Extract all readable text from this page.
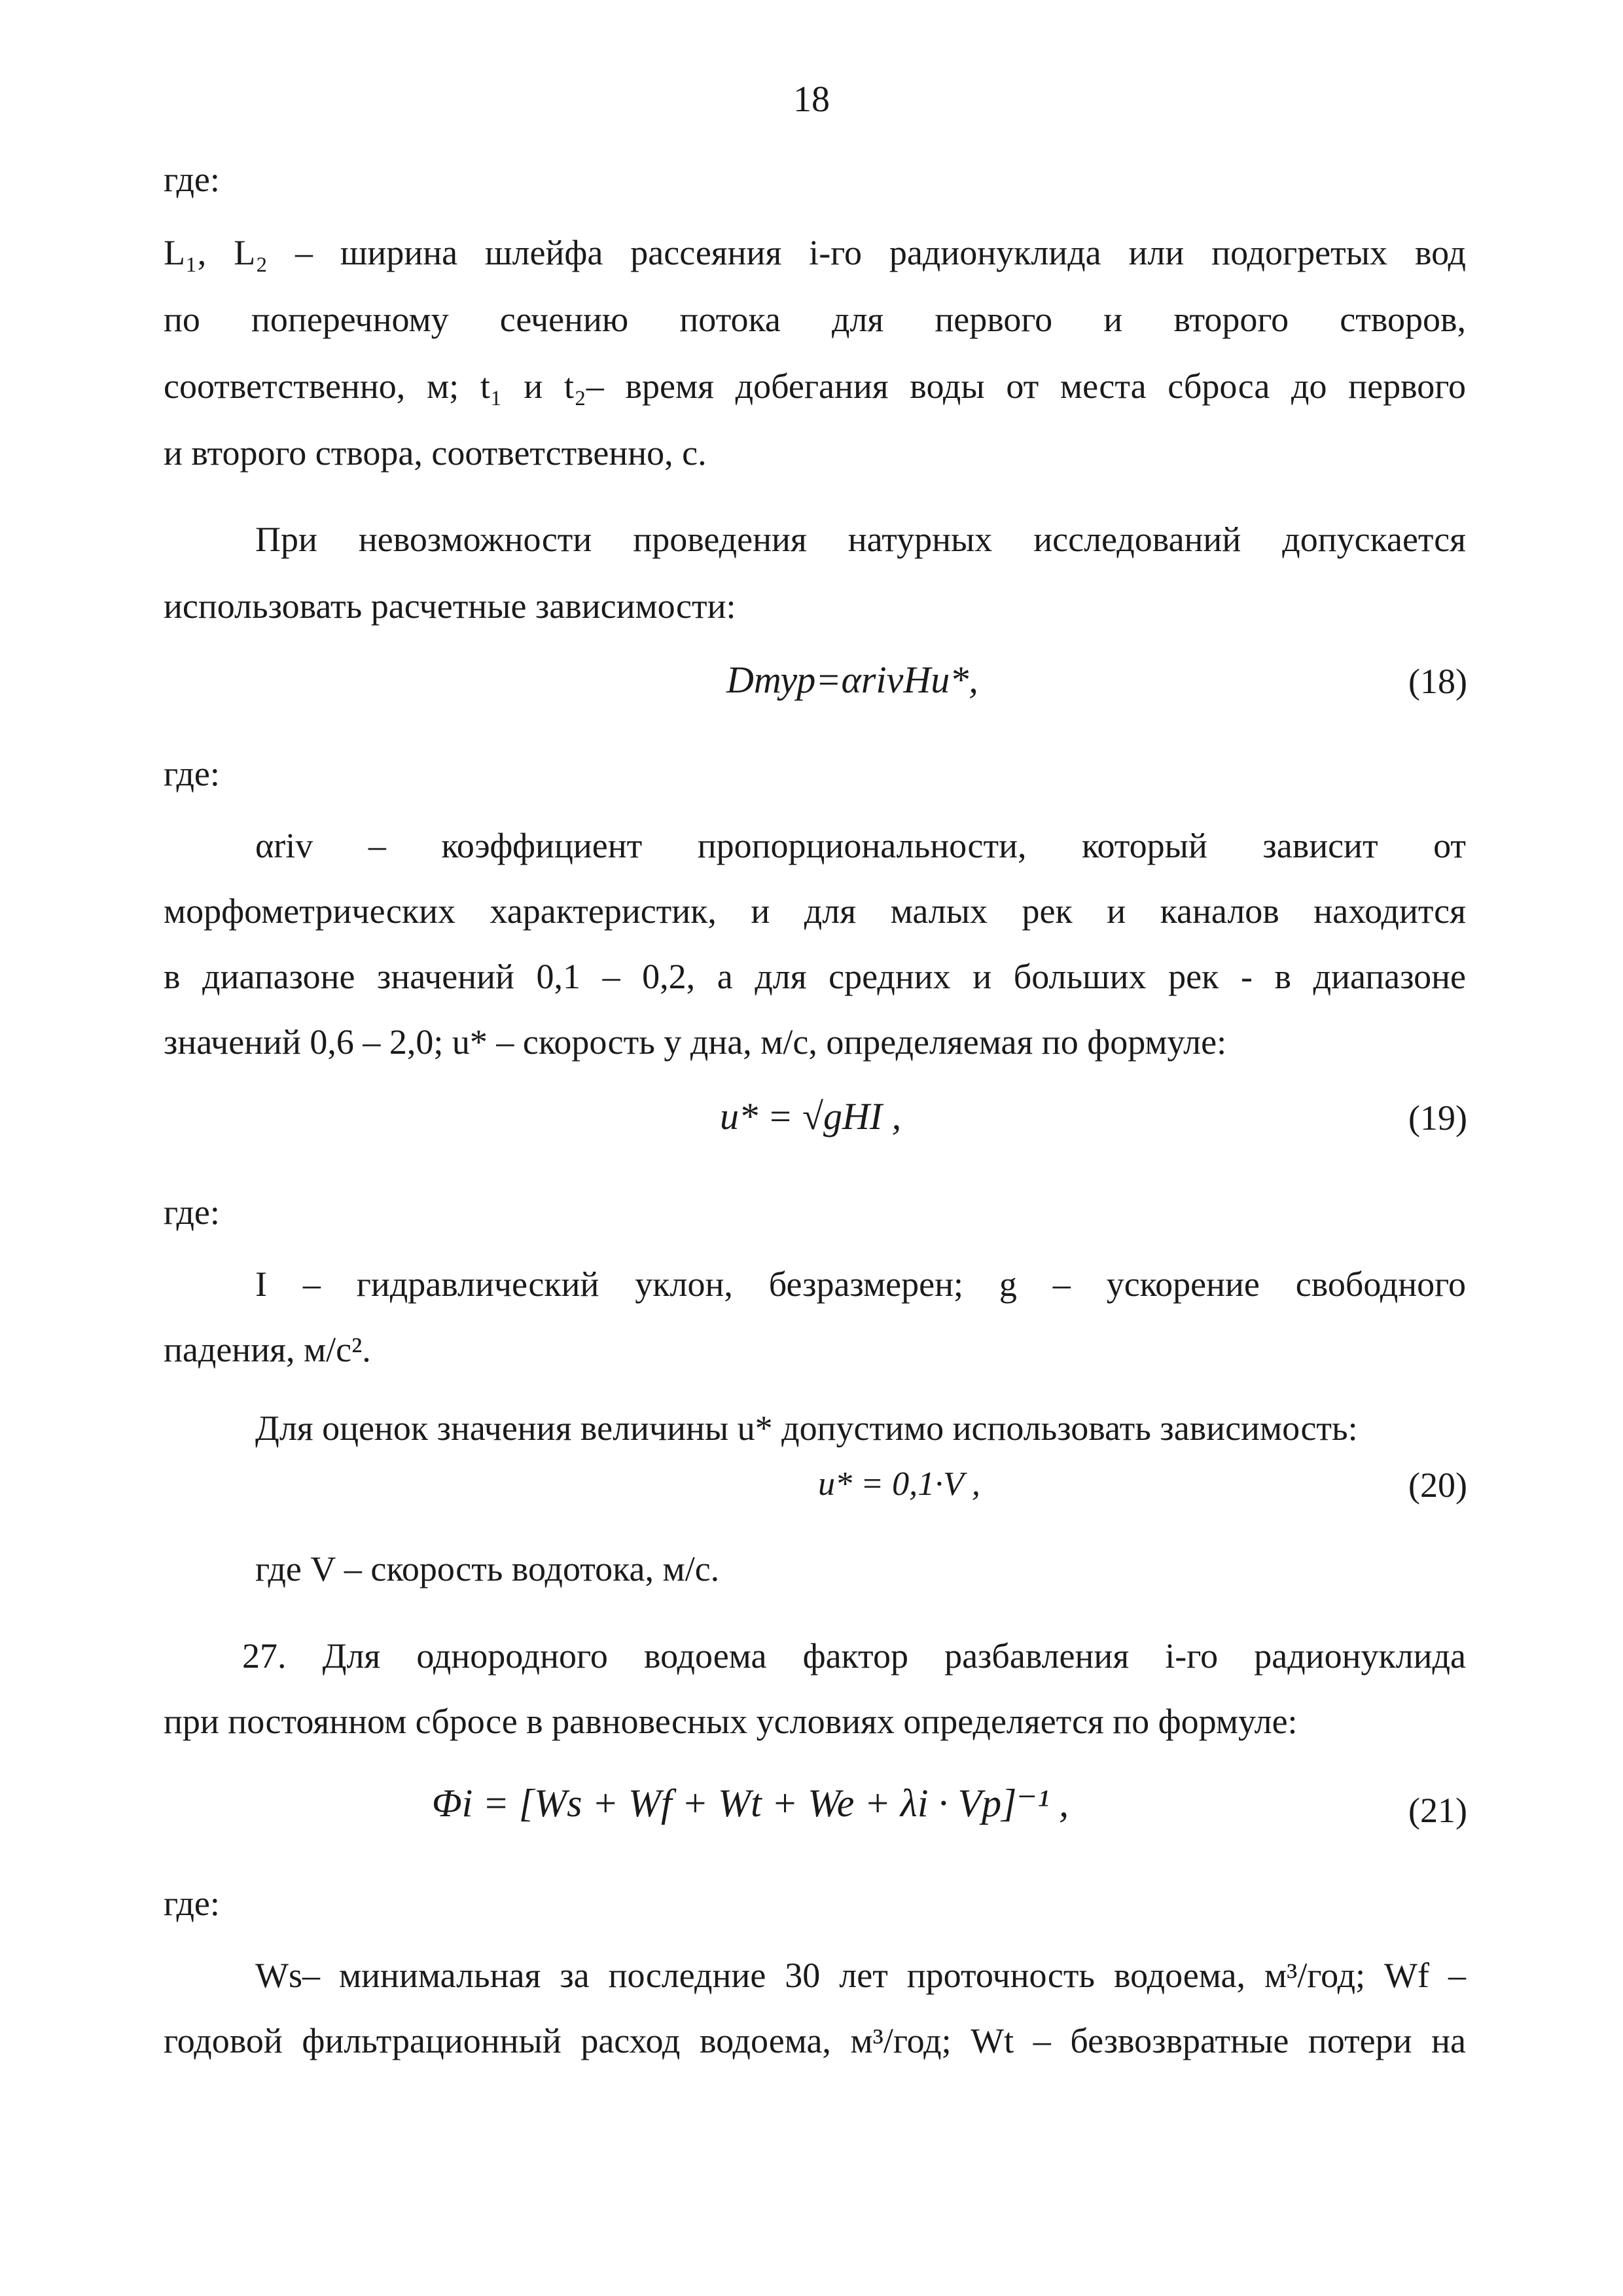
18
где:
L₁, L₂ – ширина шлейфа рассеяния i-го радионуклида или подогретых вод
по поперечному сечению потока для первого и второго створов,
соответственно, м; t₁ и t₂– время добегания воды от места сброса до первого
и второго створа, соответственно, с.
При невозможности проведения натурных исследований допускается
использовать расчетные зависимости:
Dтур=αrivHu*,	(18)
где:
αriv – коэффициент пропорциональности, который зависит от
морфометрических характеристик, и для малых рек и каналов находится
в диапазоне значений 0,1 – 0,2, а для средних и больших рек - в диапазоне
значений 0,6 – 2,0; u* – скорость у дна, м/с, определяемая по формуле:
u* = √gHI ,	(19)
где:
I – гидравлический уклон, безразмерен; g – ускорение свободного
падения, м/с².
Для оценок значения величины u* допустимо использовать зависимость:
u* = 0,1·V ,	(20)
где V – скорость водотока, м/с.
27. Для однородного водоема фактор разбавления i-го радионуклида
при постоянном сбросе в равновесных условиях определяется по формуле:
Φi = [Ws + Wf + Wt + We + λi · Vp]⁻¹ ,	(21)
где:
Ws– минимальная за последние 30 лет проточность водоема, м³/год; Wf –
годовой фильтрационный расход водоема, м³/год; Wt – безвозвратные потери на
